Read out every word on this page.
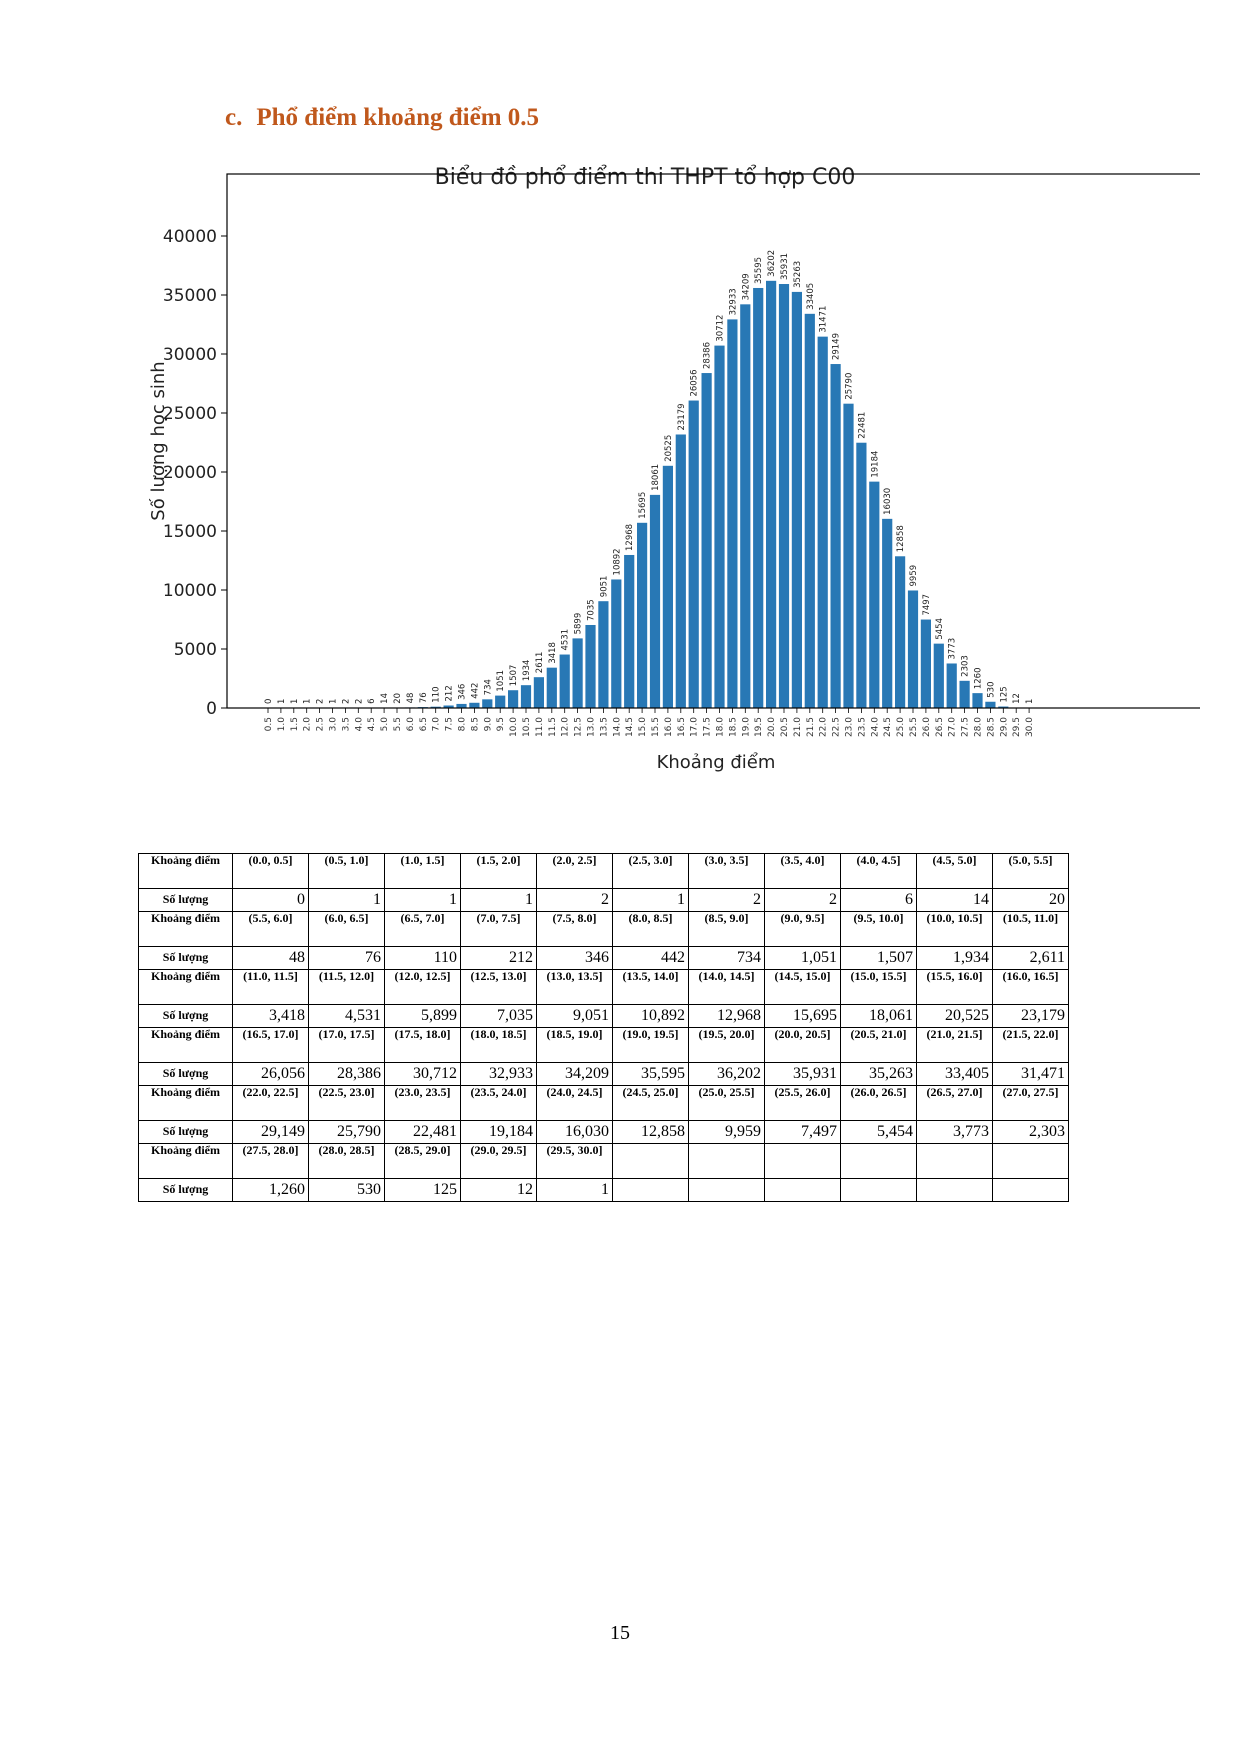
c. Phổ điểm khoảng điểm 0.5
Biểu đồ phổ điểm thi THPT tổ hợp C00
0 1 1 1 2 1 2 2 6 14 20 48 76 110 212 346 442 734 1051 1507 1934 2611 3418
4531
5899
7035
9051
10892
12968
15695
18061
20525
23179
26056
28386
30712
32933
34209
35595 36202 35931 35263
33405
31471
29149
25790
22481
19184
16030
12858
9959
7497
5454
3773
2303
1260
530 125 12 1
0
5000
10000
15000
20000
25000
30000
35000
40000
0.5 1.0 1.5 2.0 2.5 3.0 3.5 4.0 4.5 5.0 5.5 6.0 6.5 7.0 7.5 8.0 8.5 9.0 9.5 10.0 10.5 11.0 11.5 12.0 12.5 13.0 13.5 14.0 14.5 15.0 15.5 16.0 16.5 17.0 17.5 18.0 18.5 19.0 19.5 20.0 20.5 21.0 21.5 22.0 22.5 23.0 23.5 24.0 24.5 25.0 25.5 26.0 26.5 27.0 27.5 28.0 28.5 29.0 29.5 30.0
Khoảng điểm
Số lượng học sinh
Khoảng điểm	(0.0, 0.5]	(0.5, 1.0]	(1.0, 1.5]	(1.5, 2.0]	(2.0, 2.5]	(2.5, 3.0]	(3.0, 3.5]	(3.5, 4.0]	(4.0, 4.5]	(4.5, 5.0]	(5.0, 5.5]
Số lượng	0	1	1	1	2	1	2	2	6	14	20
Khoảng điểm	(5.5, 6.0]	(6.0, 6.5]	(6.5, 7.0]	(7.0, 7.5]	(7.5, 8.0]	(8.0, 8.5]	(8.5, 9.0]	(9.0, 9.5]	(9.5, 10.0]	(10.0, 10.5]	(10.5, 11.0]
Số lượng	48	76	110	212	346	442	734	1,051	1,507	1,934	2,611
Khoảng điểm	(11.0, 11.5]	(11.5, 12.0]	(12.0, 12.5]	(12.5, 13.0]	(13.0, 13.5]	(13.5, 14.0]	(14.0, 14.5]	(14.5, 15.0]	(15.0, 15.5]	(15.5, 16.0]	(16.0, 16.5]
Số lượng	3,418	4,531	5,899	7,035	9,051	10,892	12,968	15,695	18,061	20,525	23,179
Khoảng điểm	(16.5, 17.0]	(17.0, 17.5]	(17.5, 18.0]	(18.0, 18.5]	(18.5, 19.0]	(19.0, 19.5]	(19.5, 20.0]	(20.0, 20.5]	(20.5, 21.0]	(21.0, 21.5]	(21.5, 22.0]
Số lượng	26,056	28,386	30,712	32,933	34,209	35,595	36,202	35,931	35,263	33,405	31,471
Khoảng điểm	(22.0, 22.5]	(22.5, 23.0]	(23.0, 23.5]	(23.5, 24.0]	(24.0, 24.5]	(24.5, 25.0]	(25.0, 25.5]	(25.5, 26.0]	(26.0, 26.5]	(26.5, 27.0]	(27.0, 27.5]
Số lượng	29,149	25,790	22,481	19,184	16,030	12,858	9,959	7,497	5,454	3,773	2,303
Khoảng điểm	(27.5, 28.0]	(28.0, 28.5]	(28.5, 29.0]	(29.0, 29.5]	(29.5, 30.0]						
Số lượng	1,260	530	125	12	1						
15
